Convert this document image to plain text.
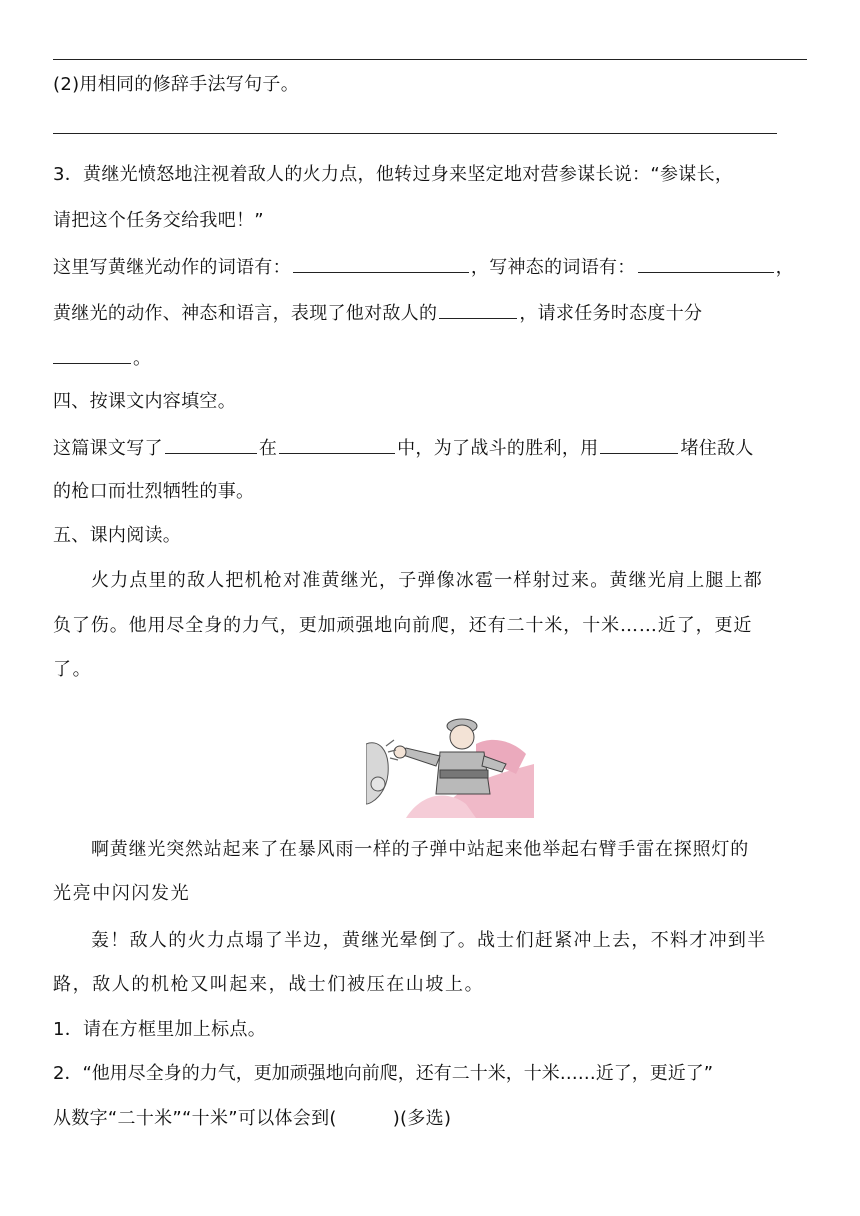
(2)用相同的修辞手法写句子。
3．黄继光愤怒地注视着敌人的火力点，他转过身来坚定地对营参谋长说：“参谋长，
请把这个任务交给我吧！”
这里写黄继光动作的词语有：	，写神态的词语有：	，
黄继光的动作、神态和语言，表现了他对敌人的	，请求任务时态度十分
。
四、按课文内容填空。
这篇课文写了	在	中，为了战斗的胜利，用	堵住敌人
的枪口而壮烈牺牲的事。
五、课内阅读。
火力点里的敌人把机枪对准黄继光，子弹像冰雹一样射过来。黄继光肩上腿上都
负了伤。他用尽全身的力气，更加顽强地向前爬，还有二十米，十米……近了，更近
了。
啊黄继光突然站起来了在暴风雨一样的子弹中站起来他举起右臂手雷在探照灯的
光亮中闪闪发光
轰！敌人的火力点塌了半边，黄继光晕倒了。战士们赶紧冲上去，不料才冲到半
路，敌人的机枪又叫起来，战士们被压在山坡上。
1．请在方框里加上标点。
2．“他用尽全身的力气，更加顽强地向前爬，还有二十米，十米……近了，更近了”
从数字“二十米”“十米”可以体会到(	)(多选)
